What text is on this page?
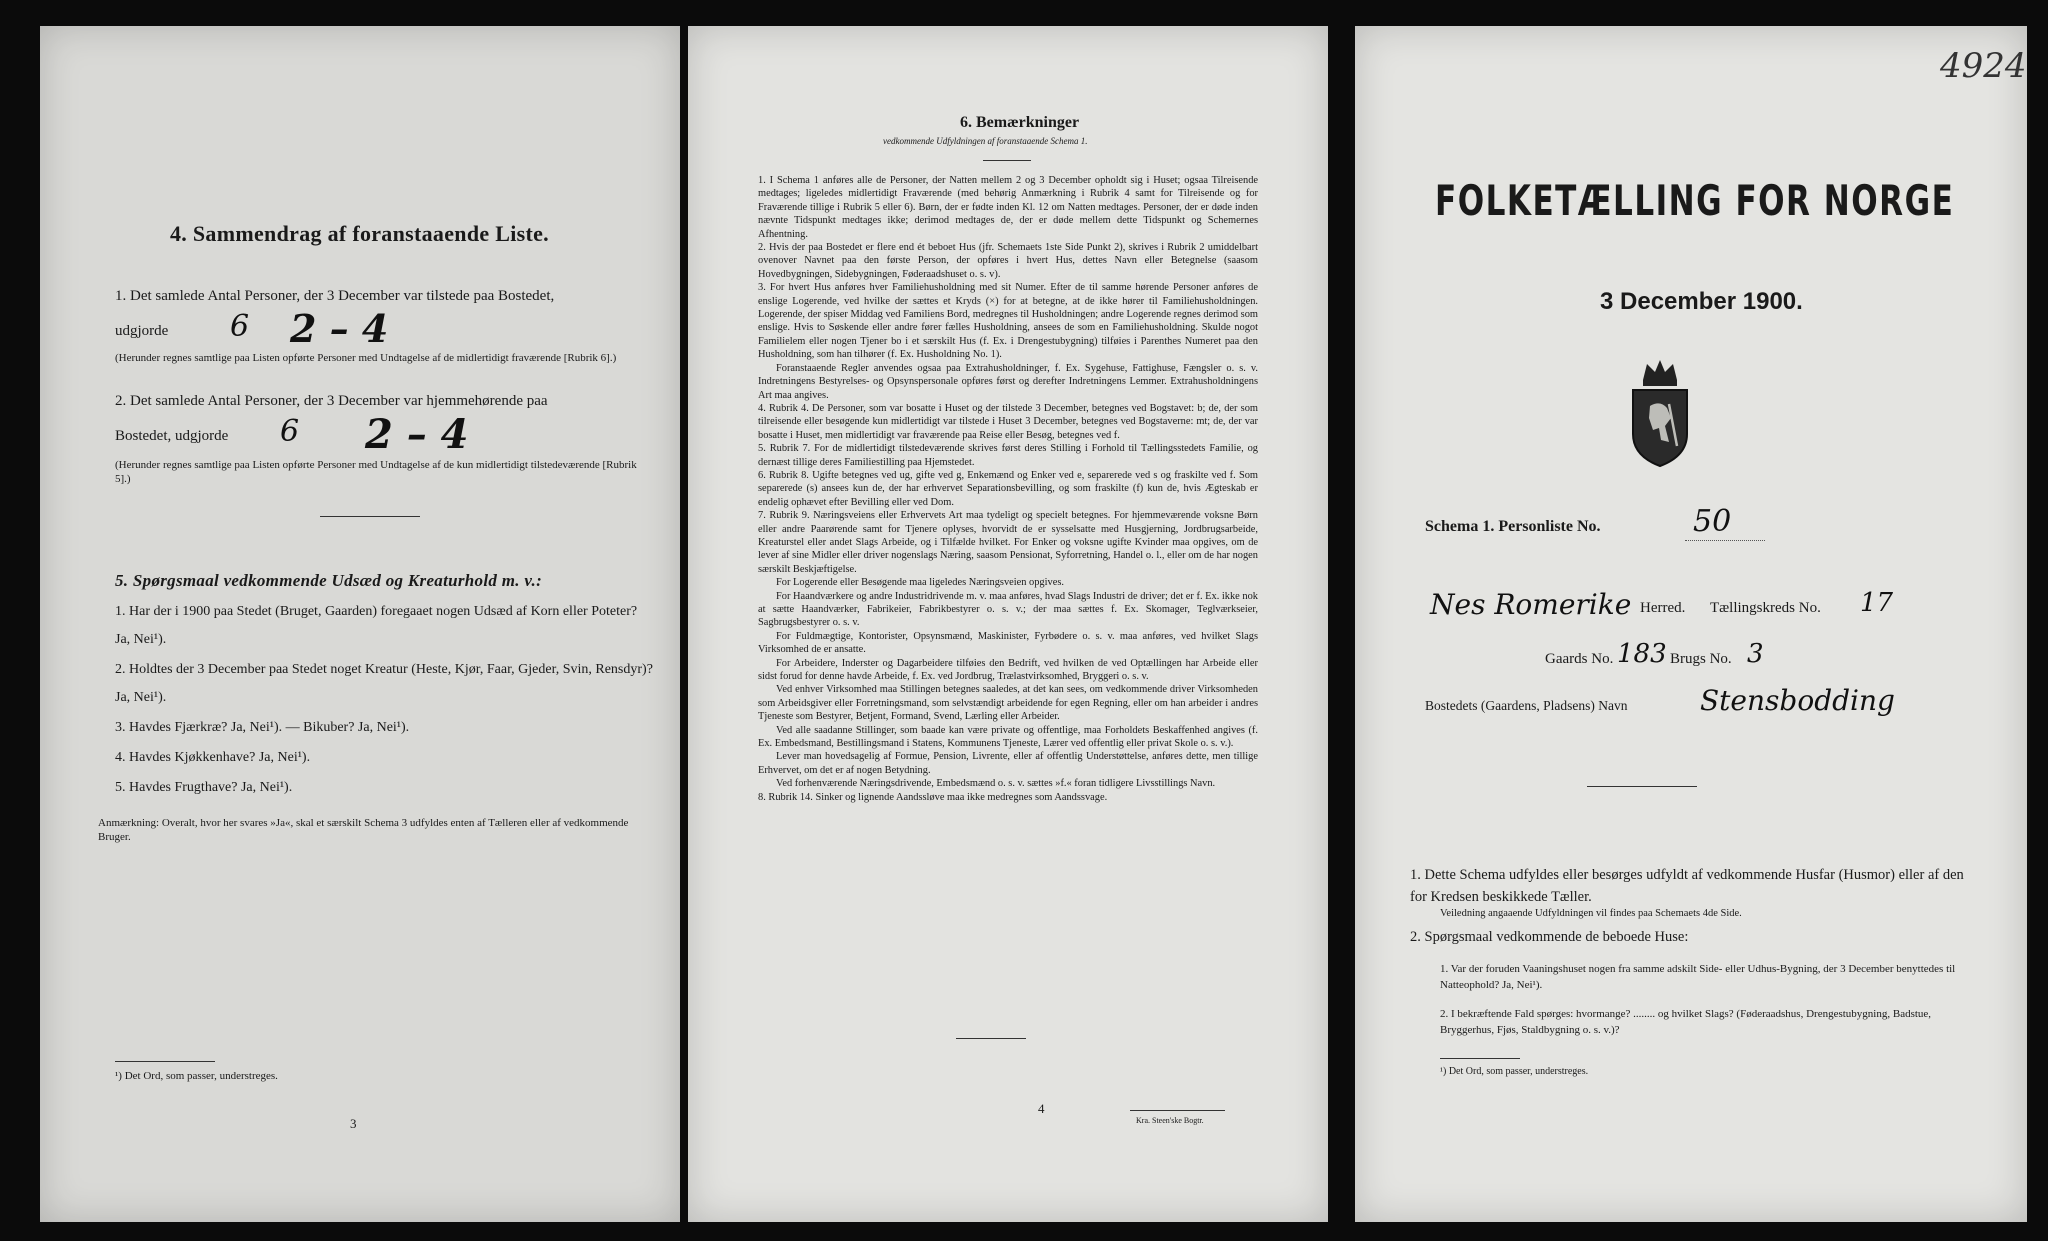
4. Sammendrag af foranstaaende Liste.
1. Det samlede Antal Personer, der 3 December var tilstede paa Bostedet,
udgjorde 6 2 – 4
(Herunder regnes samtlige paa Listen opførte Personer med Undtagelse af de midlertidigt fraværende [Rubrik 6].)
2. Det samlede Antal Personer, der 3 December var hjemmehørende paa
Bostedet, udgjorde 6 2 – 4
(Herunder regnes samtlige paa Listen opførte Personer med Undtagelse af de kun midlertidigt tilstedeværende [Rubrik 5].)
5. Spørgsmaal vedkommende Udsæd og Kreaturhold m. v.:
1. Har der i 1900 paa Stedet (Bruget, Gaarden) foregaaet nogen Udsæd af Korn eller Poteter? Ja, Nei¹).
2. Holdtes der 3 December paa Stedet noget Kreatur (Heste, Kjør, Faar, Gjeder, Svin, Rensdyr)? Ja, Nei¹).
3. Havdes Fjærkræ? Ja, Nei¹). — Bikuber? Ja, Nei¹).
4. Havdes Kjøkkenhave? Ja, Nei¹).
5. Havdes Frugthave? Ja, Nei¹).
Anmærkning: Overalt, hvor her svares »Ja«, skal et særskilt Schema 3 udfyldes enten af Tælleren eller af vedkommende Bruger.
¹) Det Ord, som passer, understreges.
3
6. Bemærkninger
vedkommende Udfyldningen af foranstaaende Schema 1.

1. I Schema 1 anføres alle de Personer, der Natten mellem 2 og 3 December opholdt sig i Huset; ogsaa Tilreisende medtages; ligeledes midlertidigt Fraværende (med behørig Anmærkning i Rubrik 4 samt for Tilreisende og for Fraværende tillige i Rubrik 5 eller 6). Børn, der er fødte inden Kl. 12 om Natten medtages. Personer, der er døde inden nævnte Tidspunkt medtages ikke; derimod medtages de, der er døde mellem dette Tidspunkt og Schemernes Afhentning.

2. Hvis der paa Bostedet er flere end ét beboet Hus (jfr. Schemaets 1ste Side Punkt 2), skrives i Rubrik 2 umiddelbart ovenover Navnet paa den første Person, der opføres i hvert Hus, dettes Navn eller Betegnelse (saasom Hovedbygningen, Sidebygningen, Føderaadshuset o. s. v).

3. For hvert Hus anføres hver Familiehusholdning med sit Numer. Efter de til samme hørende Personer anføres de enslige Logerende, ved hvilke der sættes et Kryds (×) for at betegne, at de ikke hører til Familiehusholdningen. Logerende, der spiser Middag ved Familiens Bord, medregnes til Husholdningen; andre Logerende regnes derimod som enslige. Hvis to Søskende eller andre fører fælles Husholdning, ansees de som en Familiehusholdning. Skulde nogot Familielem eller nogen Tjener bo i et særskilt Hus (f. Ex. i Drengestubygning) tilføies i Parenthes Numeret paa den Husholdning, som han tilhører (f. Ex. Husholdning No. 1).

Foranstaaende Regler anvendes ogsaa paa Extrahusholdninger, f. Ex. Sygehuse, Fattighuse, Fængsler o. s. v. Indretningens Bestyrelses- og Opsynspersonale opføres først og derefter Indretningens Lemmer. Extrahusholdningens Art maa angives.

4. Rubrik 4. De Personer, som var bosatte i Huset og der tilstede 3 December, betegnes ved Bogstavet: b; de, der som tilreisende eller besøgende kun midlertidigt var tilstede i Huset 3 December, betegnes ved Bogstaverne: mt; de, der var bosatte i Huset, men midlertidigt var fraværende paa Reise eller Besøg, betegnes ved f.

5. Rubrik 7. For de midlertidigt tilstedeværende skrives først deres Stilling i Forhold til Tællingsstedets Familie, og dernæst tillige deres Familiestilling paa Hjemstedet.

6. Rubrik 8. Ugifte betegnes ved ug, gifte ved g, Enkemænd og Enker ved e, separerede ved s og fraskilte ved f. Som separerede (s) ansees kun de, der har erhvervet Separationsbevilling, og som fraskilte (f) kun de, hvis Ægteskab er endelig ophævet efter Bevilling eller ved Dom.

7. Rubrik 9. Næringsveiens eller Erhvervets Art maa tydeligt og specielt betegnes. For hjemmeværende voksne Børn eller andre Paarørende samt for Tjenere oplyses, hvorvidt de er sysselsatte med Husgjerning, Jordbrugsarbeide, Kreaturstel eller andet Slags Arbeide, og i Tilfælde hvilket. For Enker og voksne ugifte Kvinder maa opgives, om de lever af sine Midler eller driver nogenslags Næring, saasom Pensionat, Syforretning, Handel o. l., eller om de har nogen særskilt Beskjæftigelse.

For Logerende eller Besøgende maa ligeledes Næringsveien opgives.

For Haandværkere og andre Industridrivende m. v. maa anføres, hvad Slags Industri de driver; det er f. Ex. ikke nok at sætte Haandværker, Fabrikeier, Fabrikbestyrer o. s. v.; der maa sættes f. Ex. Skomager, Teglværkseier, Sagbrugsbestyrer o. s. v.

For Fuldmægtige, Kontorister, Opsynsmænd, Maskinister, Fyrbødere o. s. v. maa anføres, ved hvilket Slags Virksomhed de er ansatte.

For Arbeidere, Inderster og Dagarbeidere tilføies den Bedrift, ved hvilken de ved Optællingen har Arbeide eller sidst forud for denne havde Arbeide, f. Ex. ved Jordbrug, Trælastvirksomhed, Bryggeri o. s. v.

Ved enhver Virksomhed maa Stillingen betegnes saaledes, at det kan sees, om vedkommende driver Virksomheden som Arbeidsgiver eller Forretningsmand, som selvstændigt arbeidende for egen Regning, eller om han arbeider i andres Tjeneste som Bestyrer, Betjent, Formand, Svend, Lærling eller Arbeider.

Ved alle saadanne Stillinger, som baade kan være private og offentlige, maa Forholdets Beskaffenhed angives (f. Ex. Embedsmand, Bestillingsmand i Statens, Kommunens Tjeneste, Lærer ved offentlig eller privat Skole o. s. v.).

Lever man hovedsagelig af Formue, Pension, Livrente, eller af offentlig Understøttelse, anføres dette, men tillige Erhvervet, om det er af nogen Betydning.

Ved forhenværende Næringsdrivende, Embedsmænd o. s. v. sættes »f.« foran tidligere Livsstillings Navn.

8. Rubrik 14. Sinker og lignende Aandssløve maa ikke medregnes som Aandssvage.

4
Kra. Steen'ske Bogtr.
4924
FOLKETÆLLING FOR NORGE
3 December 1900.
Schema 1. Personliste No.	50
Nes Romerike Herred. Tællingskreds No. 17
Gaards No. 183 Brugs No. 3
Bostedets (Gaardens, Pladsens) Navn	Stensbodding
1. Dette Schema udfyldes eller besørges udfyldt af vedkommende Husfar (Husmor) eller af den for Kredsen beskikkede Tæller.
Veiledning angaaende Udfyldningen vil findes paa Schemaets 4de Side.
2. Spørgsmaal vedkommende de beboede Huse:
1. Var der foruden Vaaningshuset nogen fra samme adskilt Side- eller Udhus-Bygning, der 3 December benyttedes til Natteophold? Ja, Nei¹).
2. I bekræftende Fald spørges: hvormange? ........ og hvilket Slags? (Føderaadshus, Drengestubygning, Badstue, Bryggerhus, Fjøs, Staldbygning o. s. v.)?
¹) Det Ord, som passer, understreges.
